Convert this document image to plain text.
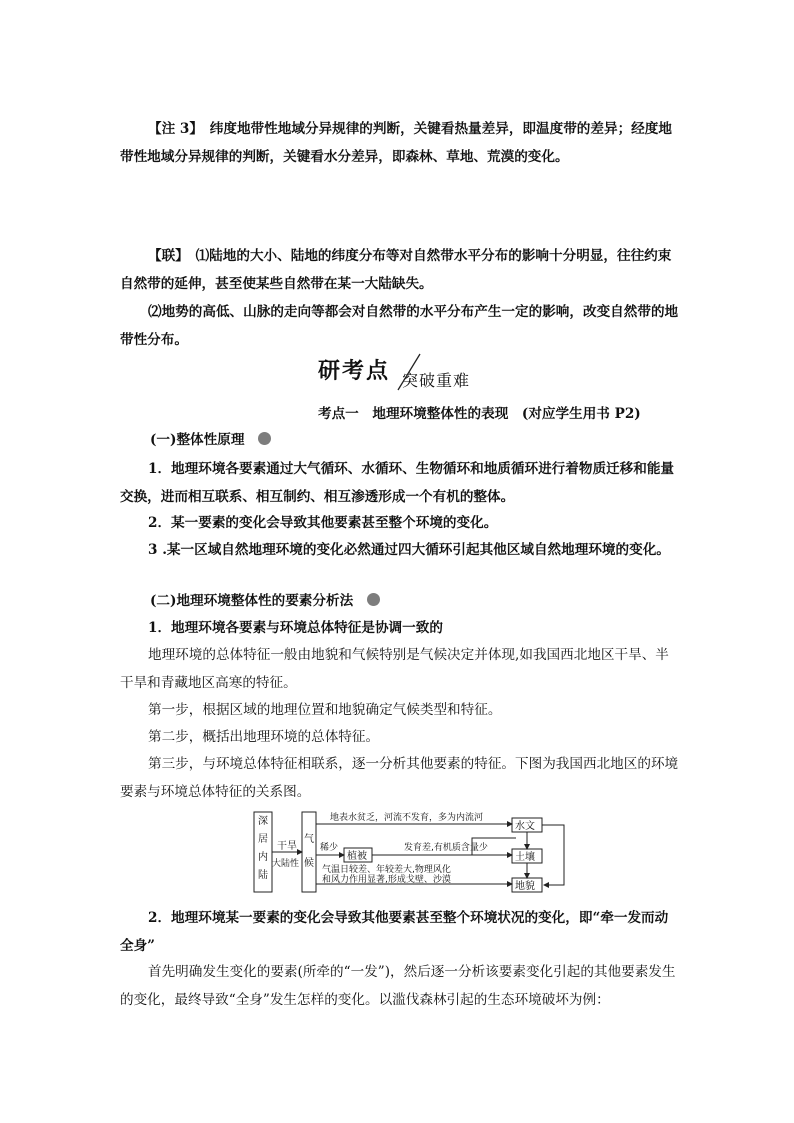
【注 3】　 纬度地带性地域分异规律的判断，关键看热量差异，即温度带的差异；经度地带性地域分异规律的判断，关键看水分差异，即森林、草地、荒漠的变化。

【联】　 ⑴陆地的大小、陆地的纬度分布等对自然带水平分布的影响十分明显，往往约束自然带的延伸，甚至使某些自然带在某一大陆缺失。

⑵地势的高低、山脉的走向等都会对自然带的水平分布产生一定的影响，改变自然带的地带性分布。

研考点 突破重难

考点一　地理环境整体性的表现　(对应学生用书 P2)

(一)整体性原理

1．地理环境各要素通过大气循环、水循环、生物循环和地质循环进行着物质迁移和能量交换，进而相互联系、相互制约、相互渗透形成一个有机的整体。

2．某一要素的变化会导致其他要素甚至整个环境的变化。

3 .某一区域自然地理环境的变化必然通过四大循环引起其他区域自然地理环境的变化。

(二)地理环境整体性的要素分析法

1．地理环境各要素与环境总体特征是协调一致的

地理环境的总体特征一般由地貌和气候特别是气候决定并体现,如我国西北地区干旱、半干旱和青藏地区高寒的特征。

第一步，根据区域的地理位置和地貌确定气候类型和特征。

第二步，概括出地理环境的总体特征。

第三步，与环境总体特征相联系，逐一分析其他要素的特征。下图为我国西北地区的环境要素与环境总体特征的关系图。

深
居
内
陆
干旱
大陆性
气
候
地表水贫乏，河流不发育，多为内流河
稀少
植被
发育差,有机质含量少
气温日较差、年较差大,物理风化
和风力作用显著,形成戈壁、沙漠
水文
土壤
地貌

2．地理环境某一要素的变化会导致其他要素甚至整个环境状况的变化，即“牵一发而动全身”

首先明确发生变化的要素(所牵的“一发”)，然后逐一分析该要素变化引起的其他要素发生的变化，最终导致“全身”发生怎样的变化。以滥伐森林引起的生态环境破坏为例：
